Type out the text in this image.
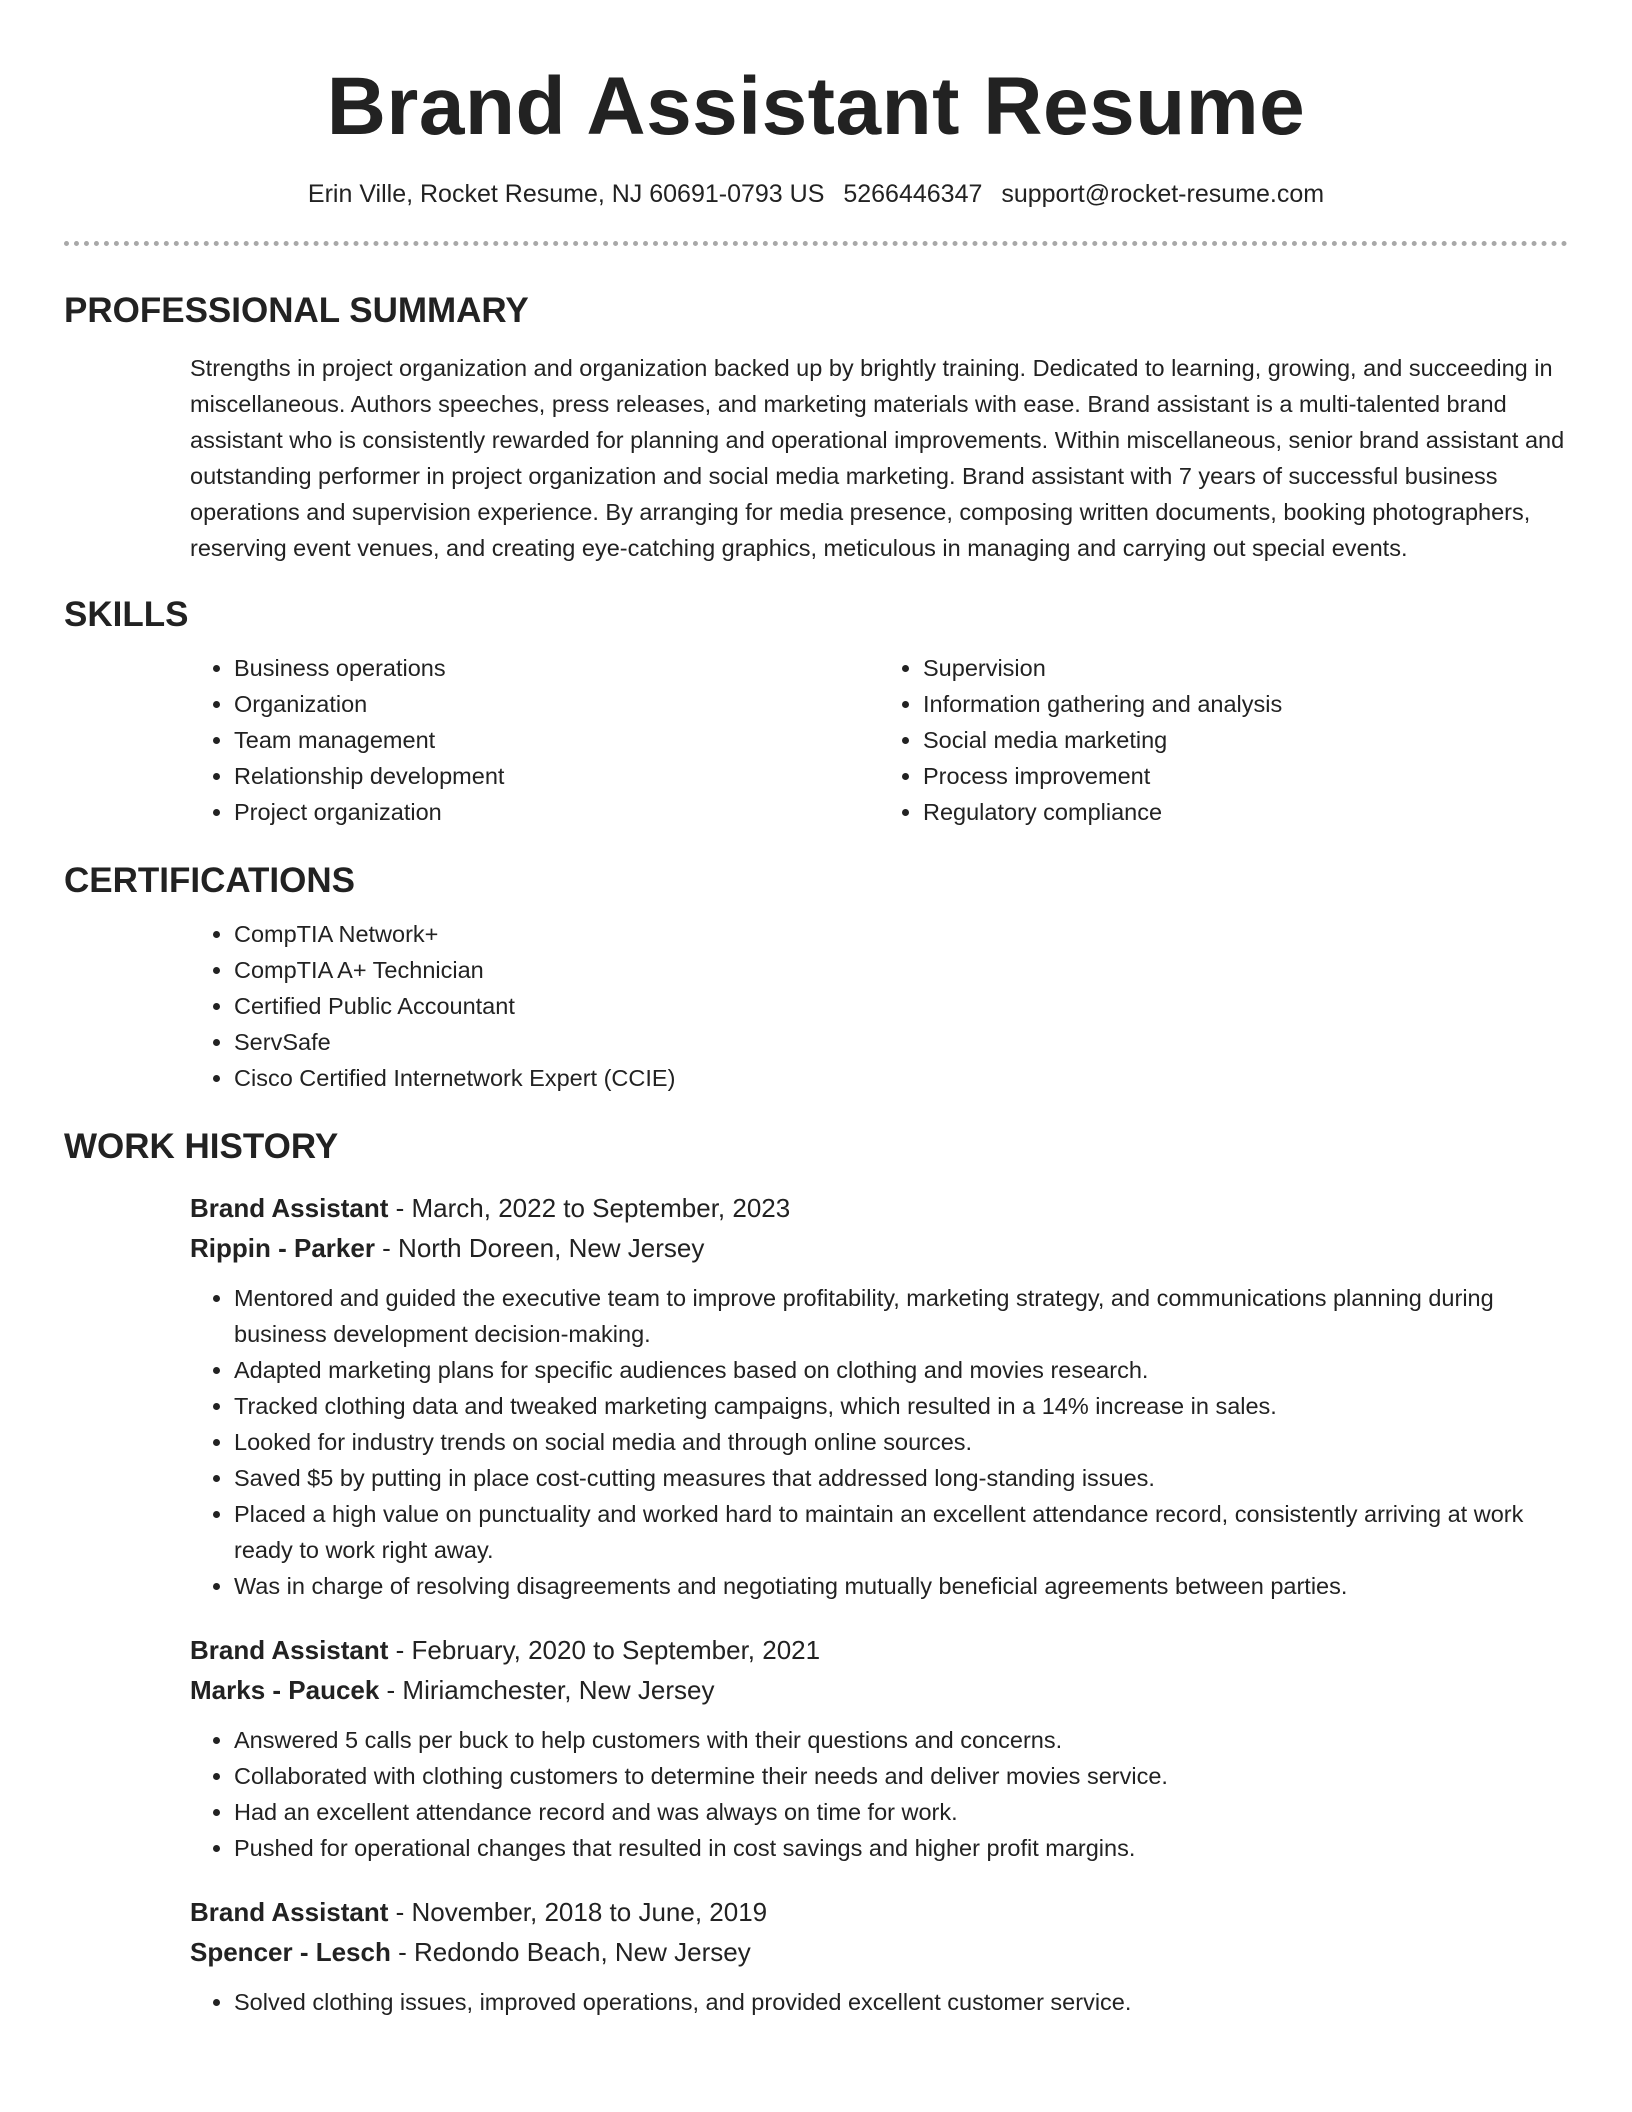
Brand Assistant Resume
Erin Ville, Rocket Resume, NJ 60691-0793 US 5266446347 support@rocket-resume.com
PROFESSIONAL SUMMARY

Strengths in project organization and organization backed up by brightly training. Dedicated to learning, growing, and succeeding in miscellaneous. Authors speeches, press releases, and marketing materials with ease. Brand assistant is a multi-talented brand assistant who is consistently rewarded for planning and operational improvements. Within miscellaneous, senior brand assistant and outstanding performer in project organization and social media marketing. Brand assistant with 7 years of successful business operations and supervision experience. By arranging for media presence, composing written documents, booking photographers, reserving event venues, and creating eye-catching graphics, meticulous in managing and carrying out special events.

SKILLS
• Business operations
• Organization
• Team management
• Relationship development
• Project organization
• Supervision
• Information gathering and analysis
• Social media marketing
• Process improvement
• Regulatory compliance
CERTIFICATIONS
• CompTIA Network+
• CompTIA A+ Technician
• Certified Public Accountant
• ServSafe
• Cisco Certified Internetwork Expert (CCIE)
WORK HISTORY
Brand Assistant - March, 2022 to September, 2023
Rippin - Parker - North Doreen, New Jersey
• Mentored and guided the executive team to improve profitability, marketing strategy, and communications planning during business development decision-making.
• Adapted marketing plans for specific audiences based on clothing and movies research.
• Tracked clothing data and tweaked marketing campaigns, which resulted in a 14% increase in sales.
• Looked for industry trends on social media and through online sources.
• Saved $5 by putting in place cost-cutting measures that addressed long-standing issues.
• Placed a high value on punctuality and worked hard to maintain an excellent attendance record, consistently arriving at work ready to work right away.
• Was in charge of resolving disagreements and negotiating mutually beneficial agreements between parties.
Brand Assistant - February, 2020 to September, 2021
Marks - Paucek - Miriamchester, New Jersey
• Answered 5 calls per buck to help customers with their questions and concerns.
• Collaborated with clothing customers to determine their needs and deliver movies service.
• Had an excellent attendance record and was always on time for work.
• Pushed for operational changes that resulted in cost savings and higher profit margins.
Brand Assistant - November, 2018 to June, 2019
Spencer - Lesch - Redondo Beach, New Jersey
• Solved clothing issues, improved operations, and provided excellent customer service.
